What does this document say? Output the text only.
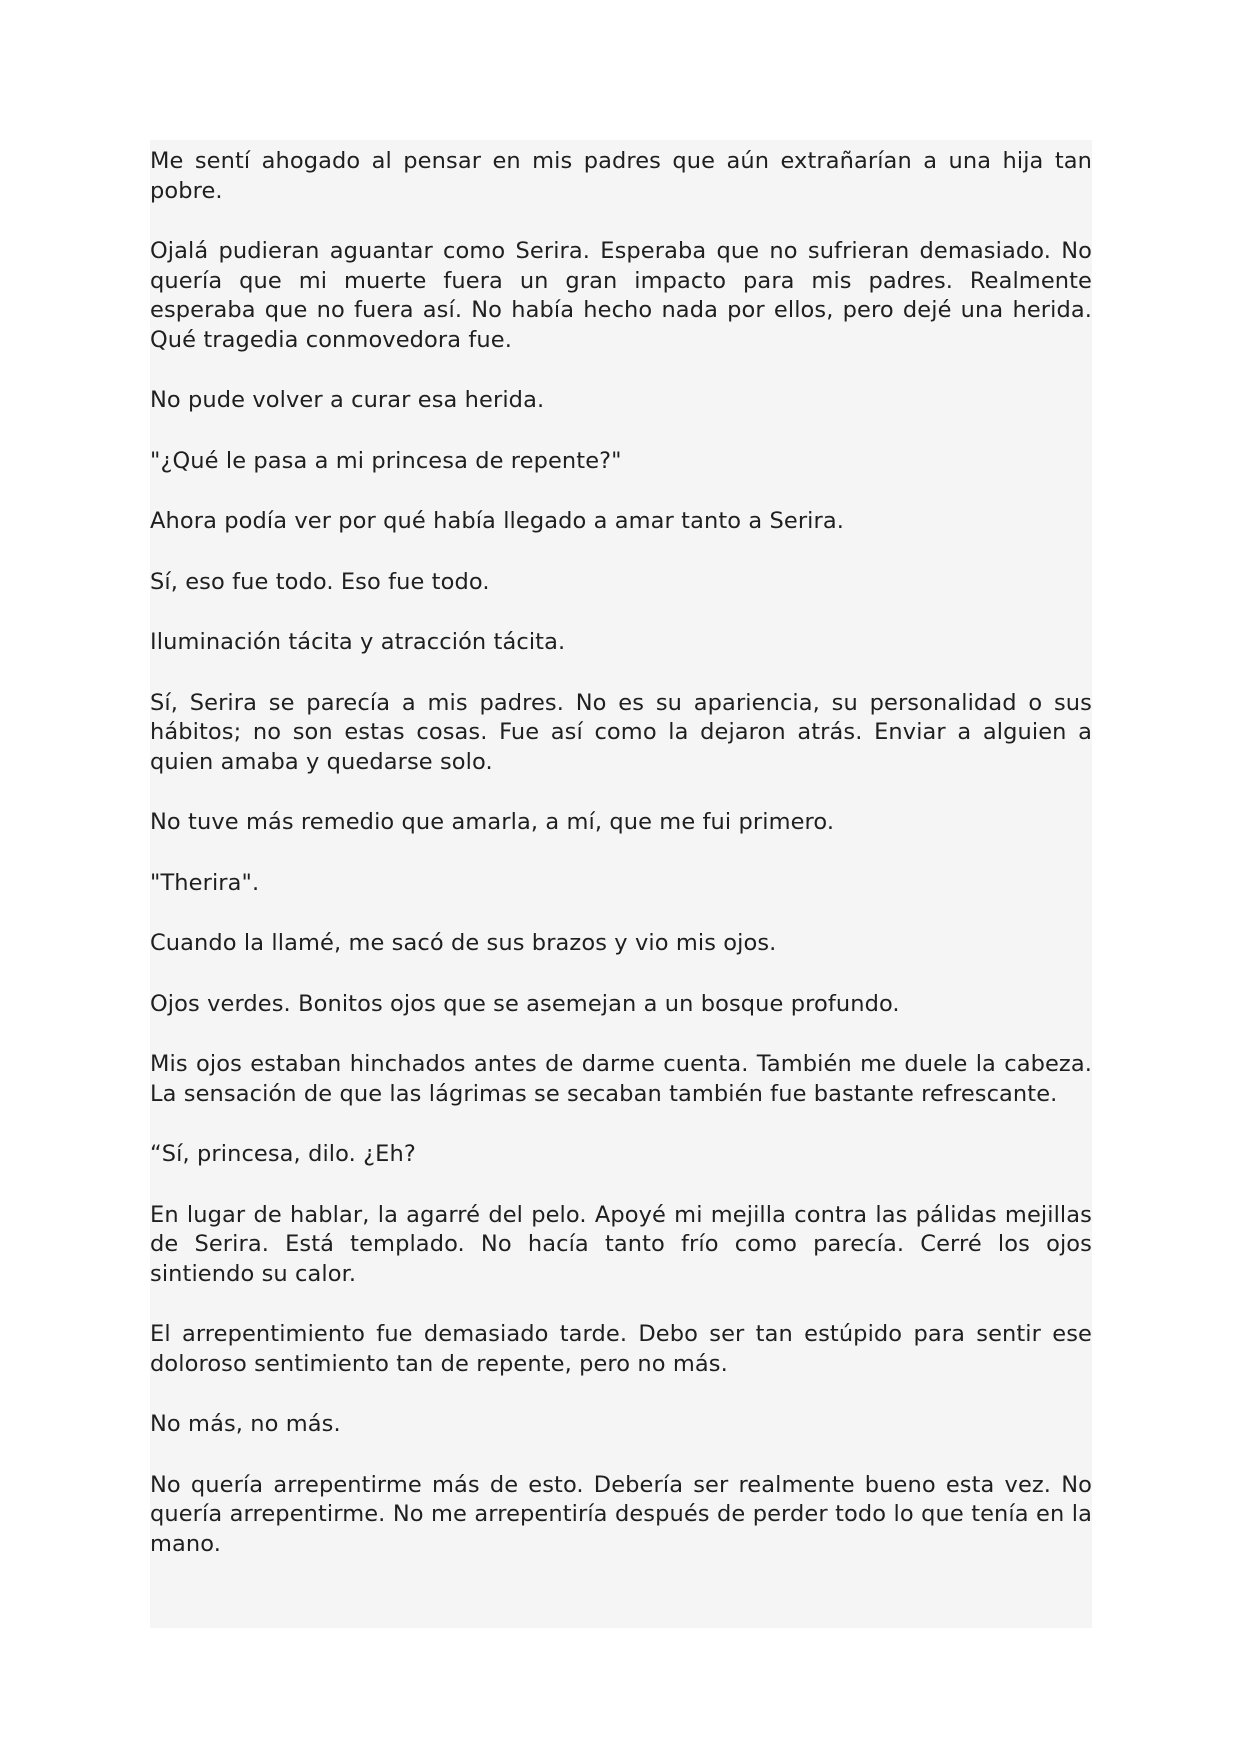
Me sentí ahogado al pensar en mis padres que aún extrañarían a una hija tan pobre.

Ojalá pudieran aguantar como Serira. Esperaba que no sufrieran demasiado. No quería que mi muerte fuera un gran impacto para mis padres. Realmente esperaba que no fuera así. No había hecho nada por ellos, pero dejé una herida. Qué tragedia conmovedora fue.

No pude volver a curar esa herida.

"¿Qué le pasa a mi princesa de repente?"

Ahora podía ver por qué había llegado a amar tanto a Serira.

Sí, eso fue todo. Eso fue todo.

Iluminación tácita y atracción tácita.

Sí, Serira se parecía a mis padres. No es su apariencia, su personalidad o sus hábitos; no son estas cosas. Fue así como la dejaron atrás. Enviar a alguien a quien amaba y quedarse solo.

No tuve más remedio que amarla, a mí, que me fui primero.

"Therira".

Cuando la llamé, me sacó de sus brazos y vio mis ojos.

Ojos verdes. Bonitos ojos que se asemejan a un bosque profundo.

Mis ojos estaban hinchados antes de darme cuenta. También me duele la cabeza. La sensación de que las lágrimas se secaban también fue bastante refrescante.

“Sí, princesa, dilo. ¿Eh?

En lugar de hablar, la agarré del pelo. Apoyé mi mejilla contra las pálidas mejillas de Serira. Está templado. No hacía tanto frío como parecía. Cerré los ojos sintiendo su calor.

El arrepentimiento fue demasiado tarde. Debo ser tan estúpido para sentir ese doloroso sentimiento tan de repente, pero no más.

No más, no más.

No quería arrepentirme más de esto. Debería ser realmente bueno esta vez. No quería arrepentirme. No me arrepentiría después de perder todo lo que tenía en la mano.
